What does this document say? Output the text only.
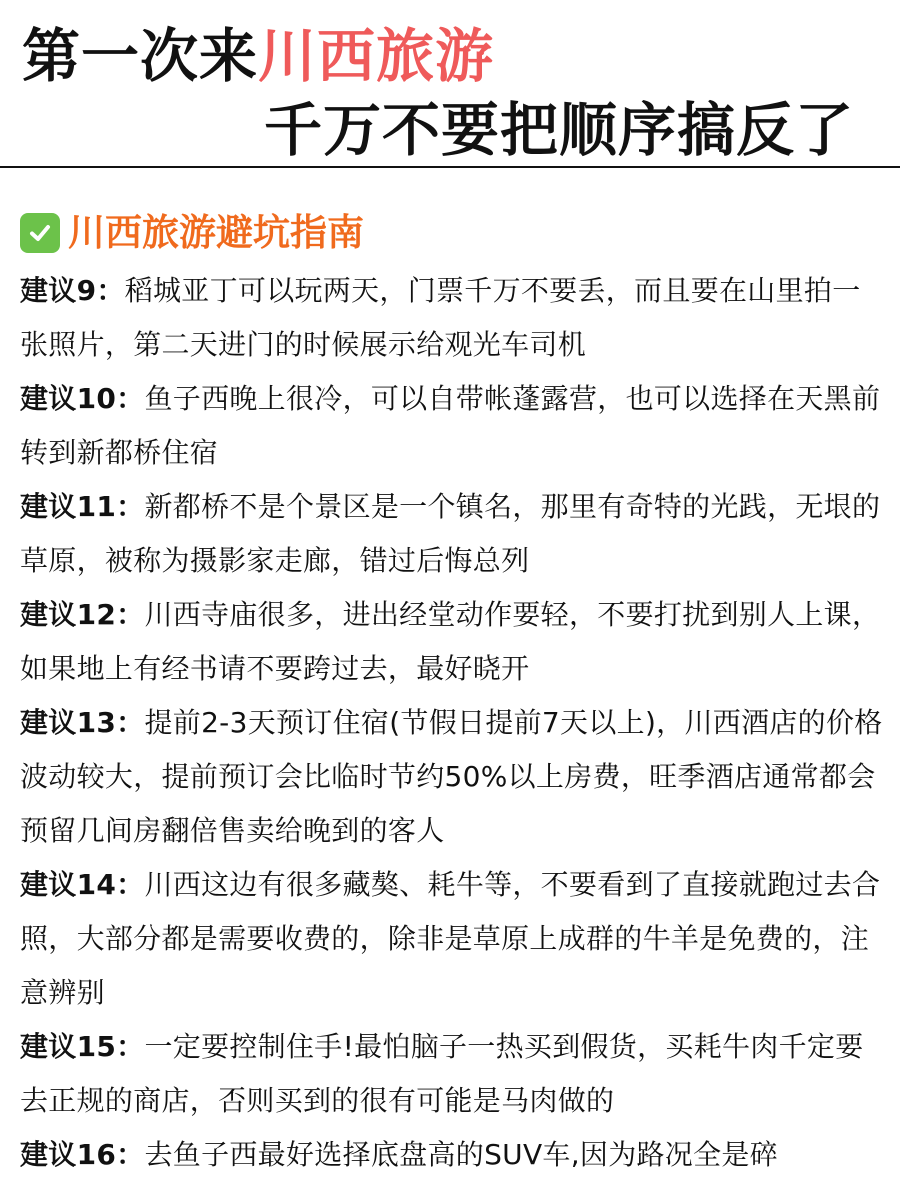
第一次来川西旅游
千万不要把顺序搞反了
川西旅游避坑指南
建议9：稻城亚丁可以玩两天，门票千万不要丢，而且要在山里拍一张照片，第二天进门的时候展示给观光车司机
建议10：鱼子西晚上很冷，可以自带帐蓬露营，也可以选择在天黑前转到新都桥住宿
建议11：新都桥不是个景区是一个镇名，那里有奇特的光践，无垠的草原，被称为摄影家走廊，错过后悔总列
建议12：川西寺庙很多，进出经堂动作要轻，不要打扰到别人上课，如果地上有经书请不要跨过去，最好晓开
建议13：提前2-3天预订住宿(节假日提前7天以上)，川西酒店的价格波动较大，提前预订会比临时节约50%以上房费，旺季酒店通常都会预留几间房翻倍售卖给晚到的客人
建议14：川西这边有很多藏獒、耗牛等，不要看到了直接就跑过去合照，大部分都是需要收费的，除非是草原上成群的牛羊是免费的，注意辨别
建议15：一定要控制住手!最怕脑子一热买到假货，买耗牛肉千定要去正规的商店，否则买到的很有可能是马肉做的
建议16：去鱼子西最好选择底盘高的SUV车,因为路况全是碎
